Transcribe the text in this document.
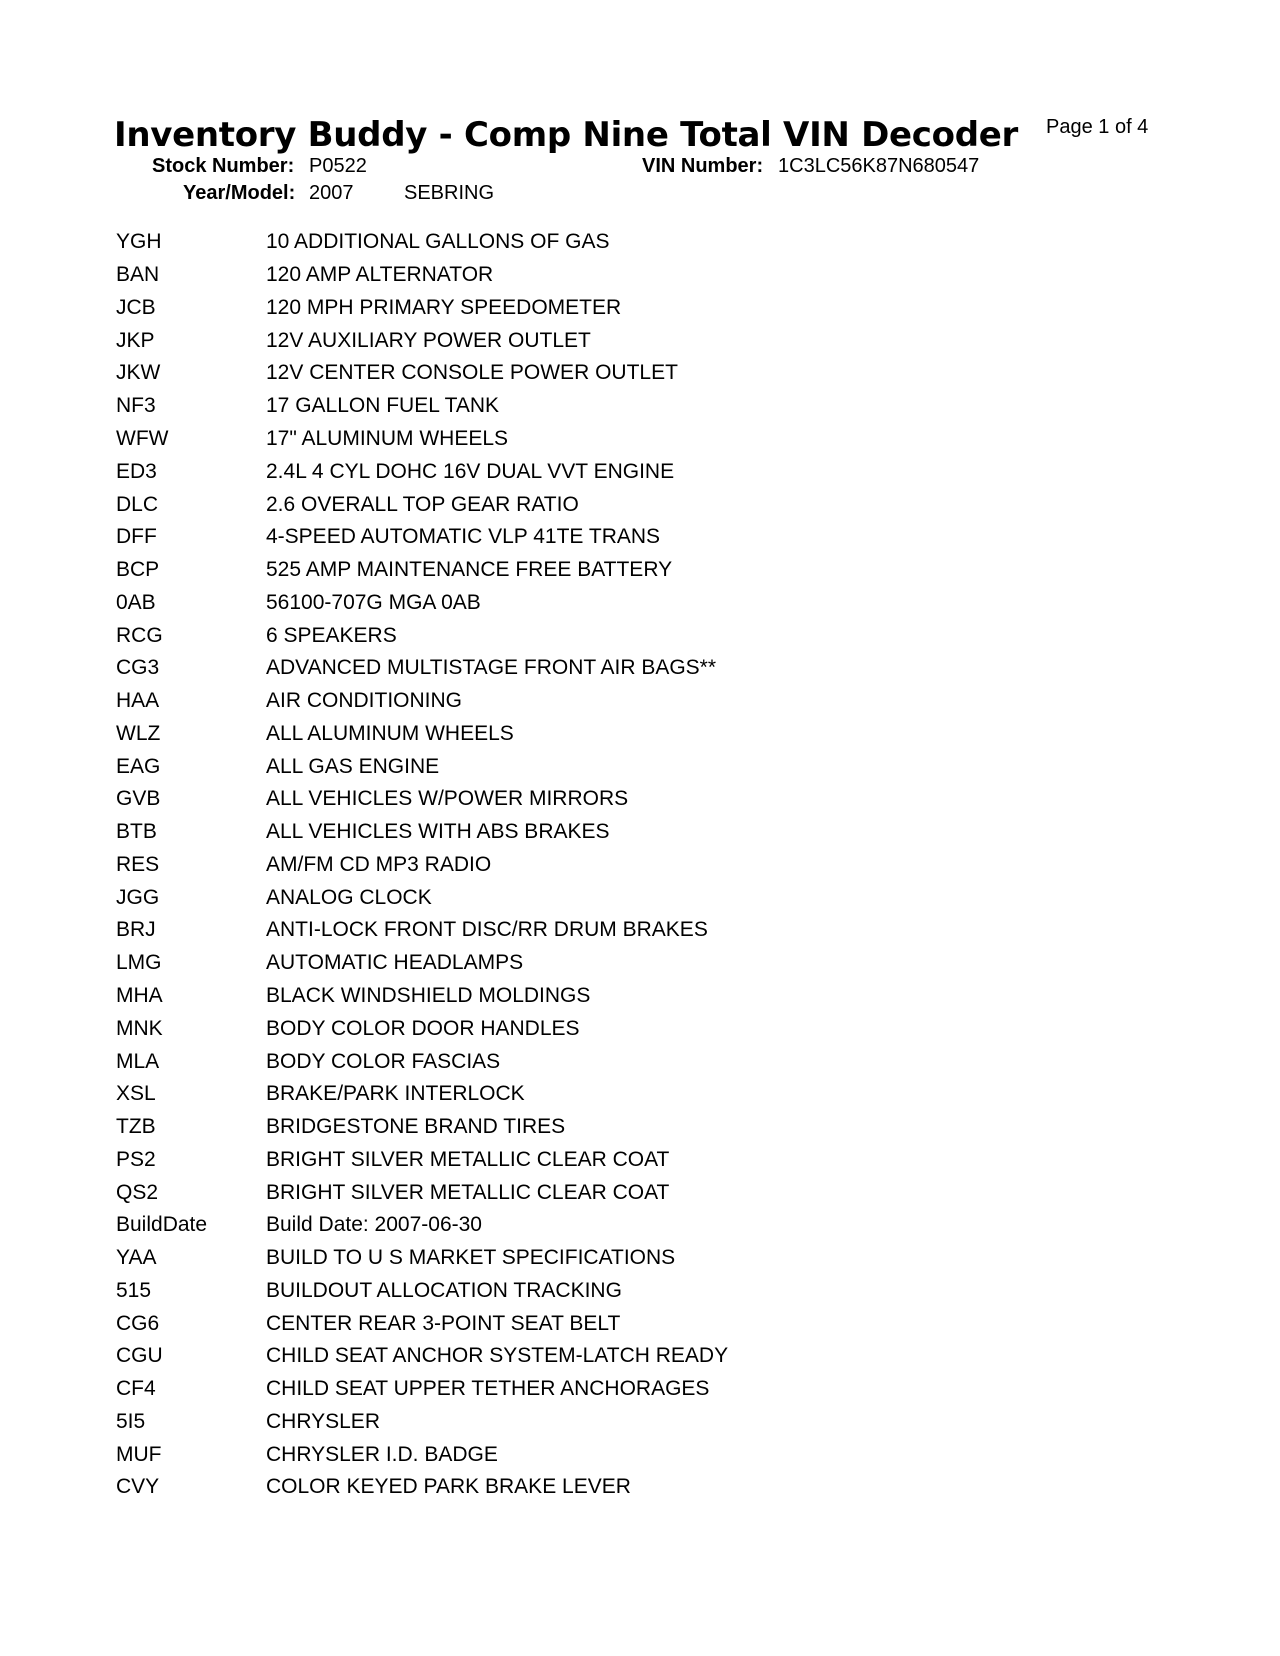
Inventory Buddy - Comp Nine Total VIN Decoder Page 1 of 4
Stock Number: P0522	VIN Number: 1C3LC56K87N680547
Year/Model: 2007	SEBRING
YGH	10 ADDITIONAL GALLONS OF GAS
BAN	120 AMP ALTERNATOR
JCB	120 MPH PRIMARY SPEEDOMETER
JKP	12V AUXILIARY POWER OUTLET
JKW	12V CENTER CONSOLE POWER OUTLET
NF3	17 GALLON FUEL TANK
WFW	17" ALUMINUM WHEELS
ED3	2.4L 4 CYL DOHC 16V DUAL VVT ENGINE
DLC	2.6 OVERALL TOP GEAR RATIO
DFF	4-SPEED AUTOMATIC VLP 41TE TRANS
BCP	525 AMP MAINTENANCE FREE BATTERY
0AB	56100-707G MGA 0AB
RCG	6 SPEAKERS
CG3	ADVANCED MULTISTAGE FRONT AIR BAGS**
HAA	AIR CONDITIONING
WLZ	ALL ALUMINUM WHEELS
EAG	ALL GAS ENGINE
GVB	ALL VEHICLES W/POWER MIRRORS
BTB	ALL VEHICLES WITH ABS BRAKES
RES	AM/FM CD MP3 RADIO
JGG	ANALOG CLOCK
BRJ	ANTI-LOCK FRONT DISC/RR DRUM BRAKES
LMG	AUTOMATIC HEADLAMPS
MHA	BLACK WINDSHIELD MOLDINGS
MNK	BODY COLOR DOOR HANDLES
MLA	BODY COLOR FASCIAS
XSL	BRAKE/PARK INTERLOCK
TZB	BRIDGESTONE BRAND TIRES
PS2	BRIGHT SILVER METALLIC CLEAR COAT
QS2	BRIGHT SILVER METALLIC CLEAR COAT
BuildDate	Build Date: 2007-06-30
YAA	BUILD TO U S MARKET SPECIFICATIONS
515	BUILDOUT ALLOCATION TRACKING
CG6	CENTER REAR 3-POINT SEAT BELT
CGU	CHILD SEAT ANCHOR SYSTEM-LATCH READY
CF4	CHILD SEAT UPPER TETHER ANCHORAGES
5I5	CHRYSLER
MUF	CHRYSLER I.D. BADGE
CVY	COLOR KEYED PARK BRAKE LEVER
